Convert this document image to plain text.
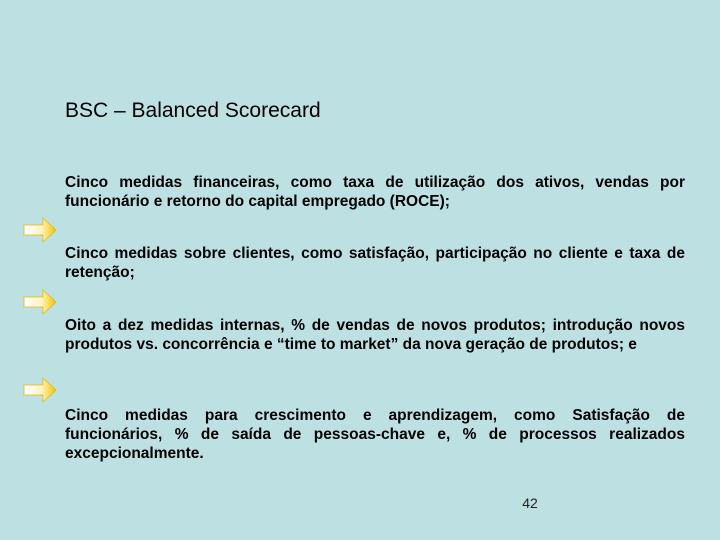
BSC – Balanced Scorecard
Cinco medidas financeiras, como taxa de utilização dos ativos, vendas por funcionário e retorno do capital empregado (ROCE);
Cinco medidas sobre clientes, como satisfação, participação no cliente e taxa de retenção;
Oito a dez medidas internas, % de vendas de novos produtos; introdução novos produtos vs. concorrência e “time to market” da nova geração de produtos; e
Cinco medidas para crescimento e aprendizagem, como Satisfação de funcionários, % de saída de pessoas-chave e, % de processos realizados excepcionalmente.
42
